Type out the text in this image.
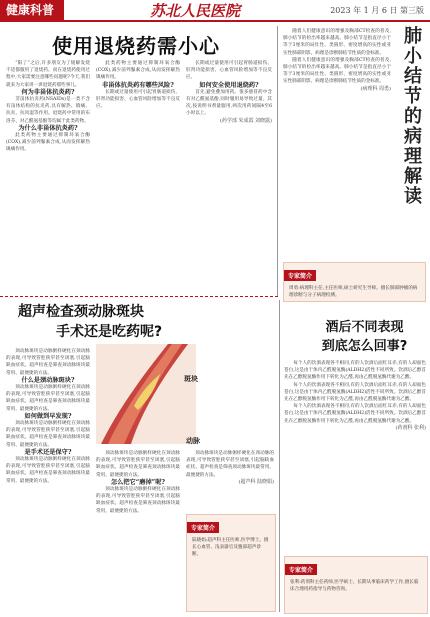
健康科普	苏北人民医院	2023 年 1 月 6 日 第三版
使用退烧药需小心

“阳了”之后,许多朋友为了缓解发烧不适都服用了退烧药。而在退烧药使用过程中,大家需要注意哪些问题呢?今天,我们就来为大家讲一讲退烧药那些事儿。

何为非甾体抗炎药?

非甾体抗炎药(NSAIDs)是一类不含有甾体结构的抗炎药,具有解热、镇痛、抗炎、抗风湿等作用。退烧药中常用的布洛芬、对乙酰氨基酚等均属于此类药物。

为什么非甾体抗炎药?

此类药物主要通过抑制环氧合酶(COX),减少前列腺素合成,从而发挥解热镇痛作用。

此类药物主要通过抑制环氧合酶(COX),减少前列腺素合成,从而发挥解热镇痛作用。

非甾体抗炎药有哪些风险?

长期或过量使用可引起胃肠道损伤、肝肾功能损害、心血管风险增加等不良反应。

长期或过量使用可引起胃肠道损伤、肝肾功能损害、心血管风险增加等不良反应。

如何安全使用退烧药?

首先,避免叠加用药。很多感冒药中含有对乙酰氨基酚,同时服用易导致过量。其次,按说明书剂量服用,两次用药间隔4至6小时以上。

(药学部 朱成霞 刘晓露)	肺小结节的病理解读

随着人们健康意识的增强及胸部CT检查的普及,肺小结节的检出率越来越高。肺小结节是指直径小于等于3厘米的局灶性、类圆形、密度增高的实性或亚实性肺部阴影。病理是诊断肺结节性质的金标准。

随着人们健康意识的增强及胸部CT检查的普及,肺小结节的检出率越来越高。肺小结节是指直径小于等于3厘米的局灶性、类圆形、密度增高的实性或亚实性肺部阴影。病理是诊断肺结节性质的金标准。

(病理科 周勇)

专家简介
周勇:病理科主任,主任医师,硕士研究生导师。擅长肺部肿瘤的病理诊断与分子病理检测。
超声检查颈动脉斑块
手术还是吃药呢?

颈动脉斑块是动脉粥样硬化在颈动脉的表现,可导致管腔狭窄甚至闭塞,引起脑缺血症状。超声检查是筛查颈动脉斑块最常用、最便捷的方法。

什么是颈动脉斑块?

颈动脉斑块是动脉粥样硬化在颈动脉的表现,可导致管腔狭窄甚至闭塞,引起脑缺血症状。超声检查是筛查颈动脉斑块最常用、最便捷的方法。

如何做到早发现?

颈动脉斑块是动脉粥样硬化在颈动脉的表现,可导致管腔狭窄甚至闭塞,引起脑缺血症状。超声检查是筛查颈动脉斑块最常用、最便捷的方法。

是手术还是保守?

颈动脉斑块是动脉粥样硬化在颈动脉的表现,可导致管腔狭窄甚至闭塞,引起脑缺血症状。超声检查是筛查颈动脉斑块最常用、最便捷的方法。

斑块
动脉

颈动脉斑块是动脉粥样硬化在颈动脉的表现,可导致管腔狭窄甚至闭塞,引起脑缺血症状。超声检查是筛查颈动脉斑块最常用、最便捷的方法。

怎么把它“磨掉”呢?

颈动脉斑块是动脉粥样硬化在颈动脉的表现,可导致管腔狭窄甚至闭塞,引起脑缺血症状。超声检查是筛查颈动脉斑块最常用、最便捷的方法。

颈动脉斑块是动脉粥样硬化在颈动脉的表现,可导致管腔狭窄甚至闭塞,引起脑缺血症状。超声检查是筛查颈动脉斑块最常用、最便捷的方法。

(超声科 陆晓娟)

专家简介
陆晓娟:超声科主任医师,医学博士。擅长心血管、浅表器官及腹部超声诊断。
酒后不同表现
到底怎么回事?

每个人的饮酒表现各不相同,有的人饮酒后面红耳赤,有的人却面色苍白,这是由于体内乙醛脱氢酶(ALDH2)活性不同所致。饮酒后乙醇首先在乙醇脱氢酶作用下转化为乙醛,再由乙醛脱氢酶代谢为乙酸。

每个人的饮酒表现各不相同,有的人饮酒后面红耳赤,有的人却面色苍白,这是由于体内乙醛脱氢酶(ALDH2)活性不同所致。饮酒后乙醇首先在乙醇脱氢酶作用下转化为乙醛,再由乙醛脱氢酶代谢为乙酸。

每个人的饮酒表现各不相同,有的人饮酒后面红耳赤,有的人却面色苍白,这是由于体内乙醛脱氢酶(ALDH2)活性不同所致。饮酒后乙醇首先在乙醇脱氢酶作用下转化为乙醛,再由乙醛脱氢酶代谢为乙酸。

(药剂科 张利)

专家简介
张利:药剂科主任药师,医学硕士。长期从事临床药学工作,擅长临床合理用药指导与药物咨询。
